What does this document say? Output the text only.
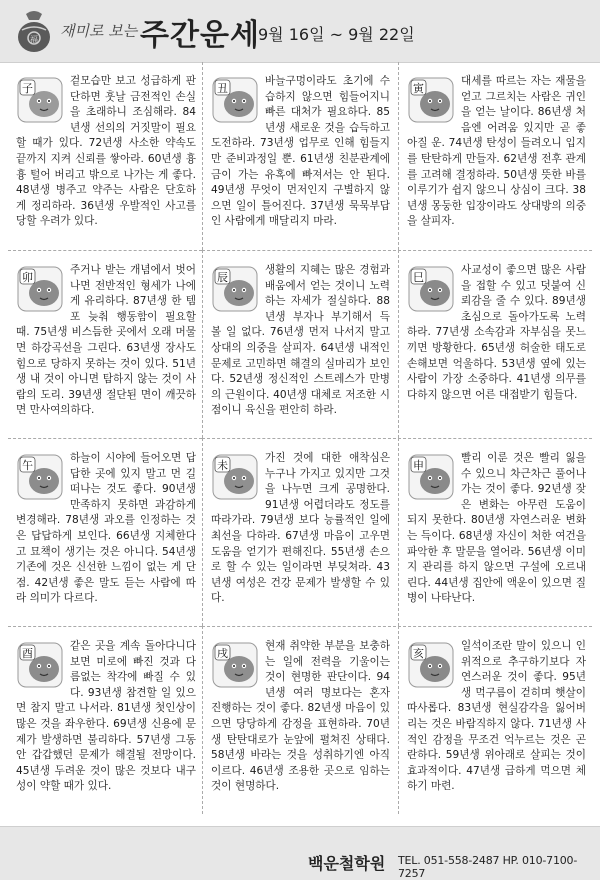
福 재미로 보는 주간운세
9월 16일 ~ 9월 22일
子
겉모습만 보고 성급하게 판단하면 훗날 금전적인 손실을 초래하니 조심해라. 84년생 선의의 거짓말이 필요할 때가 있다. 72년생 사소한 약속도 끝까지 지켜 신뢰를 쌓아라. 60년생 흉흉 털어 버리고 밖으로 나가는 게 좋다. 48년생 병주고 약주는 사람은 단호하게 정리하라. 36년생 우발적인 사고를 당할 우려가 있다.
丑
바늘구멍이라도 초기에 수습하지 않으면 힘들어지니 빠른 대처가 필요하다. 85년생 새로운 것을 습득하고 도전하라. 73년생 업무로 인해 힘들지만 준비과정일 뿐. 61년생 친분관계에 금이 가는 유혹에 빠져서는 안 된다. 49년생 무엇이 먼저인지 구별하지 않으면 일이 틀어진다. 37년생 묵묵부답인 사람에게 매달리지 마라.
寅
대세를 따르는 자는 재물을 얻고 그르치는 사람은 귀인을 얻는 날이다. 86년생 처음엔 어려움 있지만 곧 좋아질 운. 74년생 탄성이 들려오니 입지를 탄탄하게 만들자. 62년생 전후 관계를 고려해 결정하라. 50년생 뜻한 바를 이루기가 쉽지 않으니 상심이 크다. 38년생 몽둥한 입장이라도 상대방의 의중을 살피자.
卯
주거나 받는 개념에서 벗어나면 전반적인 형세가 나에게 유리하다. 87년생 한 템포 늦춰 행동함이 필요할 때. 75년생 비스듬한 곳에서 오래 머물면 하강곡선을 그린다. 63년생 장사도 힘으로 당하지 못하는 것이 있다. 51년생 내 것이 아니면 탐하지 않는 것이 사람의 도리. 39년생 절단된 면이 깨끗하면 만사여의하다.
辰
생활의 지혜는 많은 경험과 배움에서 얻는 것이니 노력하는 자세가 절실하다. 88년생 부자나 부기해서 득 볼 일 없다. 76년생 먼저 나서지 말고 상대의 의중을 살피자. 64년생 내적인 문제로 고민하면 해결의 실마리가 보인다. 52년생 정신적인 스트레스가 만병의 근원이다. 40년생 대체로 저조한 시점이니 육신을 편안히 하라.
巳
사교성이 좋으면 많은 사람을 접할 수 있고 덧붙여 신뢰감을 줄 수 있다. 89년생 초심으로 돌아가도록 노력하라. 77년생 소속감과 자부심을 못느끼면 방황한다. 65년생 허술한 태도로 손해보면 억울하다. 53년생 옆에 있는 사람이 가장 소중하다. 41년생 의무를 다하지 않으면 어른 대접받기 힘들다.
午
하늘이 시야에 들어오면 답답한 곳에 있지 말고 먼 길 떠나는 것도 좋다. 90년생 만족하지 못하면 과감하게 변경해라. 78년생 과오를 인정하는 것은 답답하게 보인다. 66년생 지체한다고 묘책이 생기는 것은 아니다. 54년생 기존에 것은 신선한 느낌이 없는 게 단점. 42년생 좋은 말도 듣는 사람에 따라 의미가 다르다.
未
가진 것에 대한 애착심은 누구나 가지고 있지만 그것을 나누면 크게 공명한다. 91년생 어렵더라도 정도를 따라가라. 79년생 보다 능률적인 일에 최선을 다하라. 67년생 마음이 고우면 도움을 얻기가 편해진다. 55년생 손으로 할 수 있는 일이라면 부딪쳐라. 43년생 여성은 건강 문제가 발생할 수 있다.
申
빨리 이룬 것은 빨리 잃을 수 있으니 차근차근 풀어나가는 것이 좋다. 92년생 잦은 변화는 아무런 도움이 되지 못한다. 80년생 자연스러운 변화는 득이다. 68년생 자신이 처한 여건을 파악한 후 말문을 열어라. 56년생 이미지 관리를 하지 않으면 구설에 오르내린다. 44년생 집안에 액운이 있으면 질병이 나타난다.
酉
같은 곳을 계속 돌아다니다보면 미로에 빠진 것과 다름없는 착각에 빠질 수 있다. 93년생 참견할 일 있으면 참지 말고 나서라. 81년생 첫인상이 많은 것을 좌우한다. 69년생 신용에 문제가 발생하면 불리하다. 57년생 그동안 갑갑했던 문제가 해결될 전망이다. 45년생 두려운 것이 많은 것보다 내구성이 약할 때가 있다.
戌
현재 취약한 부분을 보충하는 일에 전력을 기울이는 것이 현명한 판단이다. 94년생 여러 명보다는 혼자 진행하는 것이 좋다. 82년생 마음이 있으면 당당하게 감정을 표현하라. 70년생 탄탄대로가 눈앞에 펼쳐진 상태다. 58년생 바라는 것을 성취하기엔 아직 이르다. 46년생 조용한 곳으로 임하는 것이 현명하다.
亥
일석이조란 말이 있으니 인위적으로 추구하기보다 자연스러운 것이 좋다. 95년생 먹구름이 걷히며 햇살이 따사롭다. 83년생 현실감각을 잃어버리는 것은 바람직하지 않다. 71년생 사적인 감정을 무조건 억누르는 것은 곤란하다. 59년생 위아래로 살피는 것이 효과적이다. 47년생 급하게 먹으면 체하기 마련.
백운철학원 TEL. 051-558-2487 HP. 010-7100-7257
